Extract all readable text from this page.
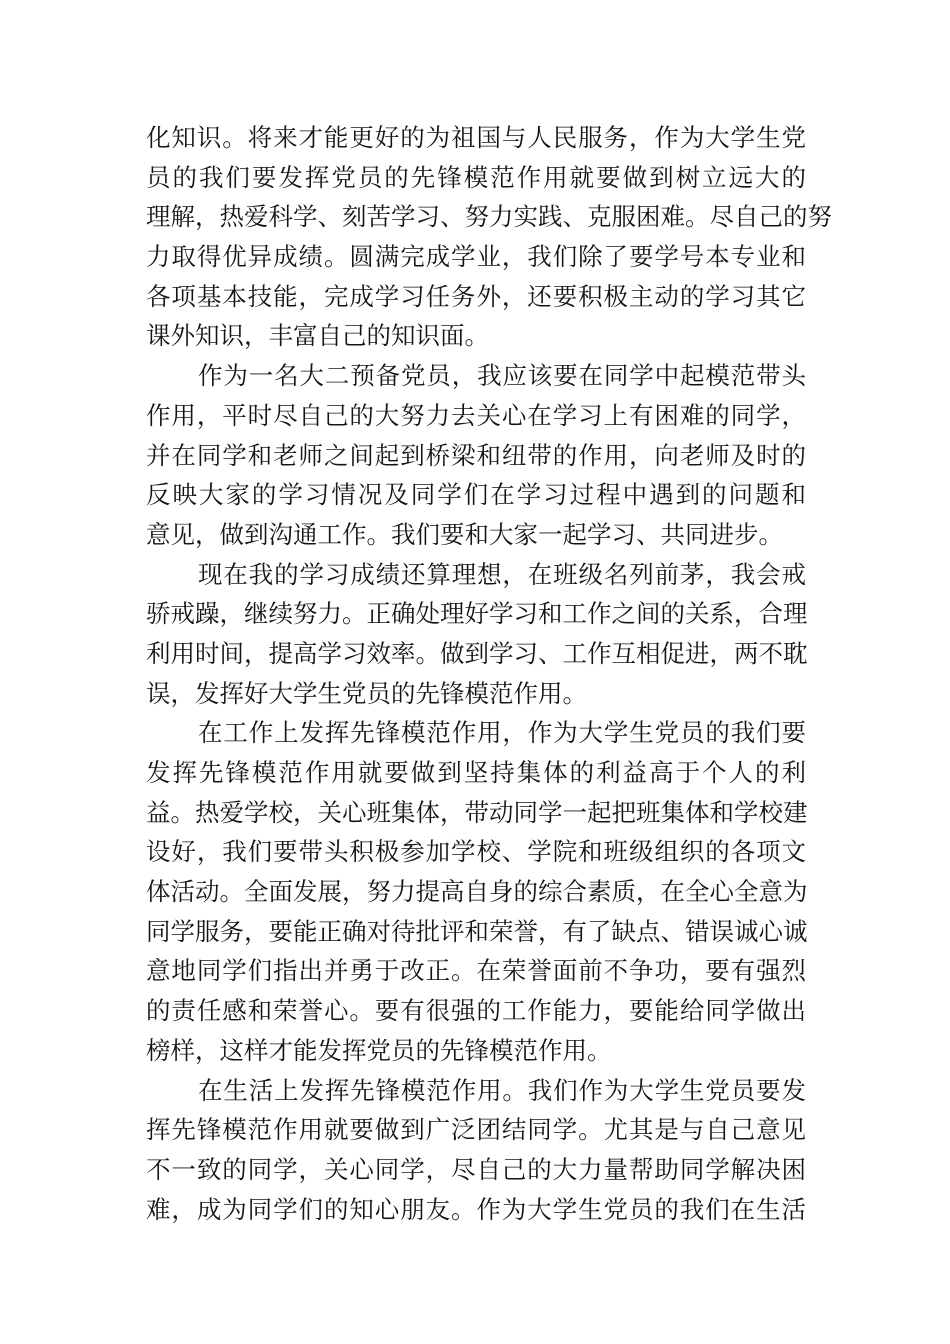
化知识。将来才能更好的为祖国与人民服务，作为大学生党
员的我们要发挥党员的先锋模范作用就要做到树立远大的
理解，热爱科学、刻苦学习、努力实践、克服困难。尽自己的努
力取得优异成绩。圆满完成学业，我们除了要学号本专业和
各项基本技能，完成学习任务外，还要积极主动的学习其它
课外知识，丰富自己的知识面。
作为一名大二预备党员，我应该要在同学中起模范带头
作用，平时尽自己的大努力去关心在学习上有困难的同学，
并在同学和老师之间起到桥梁和纽带的作用，向老师及时的
反映大家的学习情况及同学们在学习过程中遇到的问题和
意见，做到沟通工作。我们要和大家一起学习、共同进步。
现在我的学习成绩还算理想，在班级名列前茅，我会戒
骄戒躁，继续努力。正确处理好学习和工作之间的关系，合理
利用时间，提高学习效率。做到学习、工作互相促进，两不耽
误，发挥好大学生党员的先锋模范作用。
在工作上发挥先锋模范作用，作为大学生党员的我们要
发挥先锋模范作用就要做到坚持集体的利益高于个人的利
益。热爱学校，关心班集体，带动同学一起把班集体和学校建
设好，我们要带头积极参加学校、学院和班级组织的各项文
体活动。全面发展，努力提高自身的综合素质，在全心全意为
同学服务，要能正确对待批评和荣誉，有了缺点、错误诚心诚
意地同学们指出并勇于改正。在荣誉面前不争功，要有强烈
的责任感和荣誉心。要有很强的工作能力，要能给同学做出
榜样，这样才能发挥党员的先锋模范作用。
在生活上发挥先锋模范作用。我们作为大学生党员要发
挥先锋模范作用就要做到广泛团结同学。尤其是与自己意见
不一致的同学，关心同学，尽自己的大力量帮助同学解决困
难，成为同学们的知心朋友。作为大学生党员的我们在生活
